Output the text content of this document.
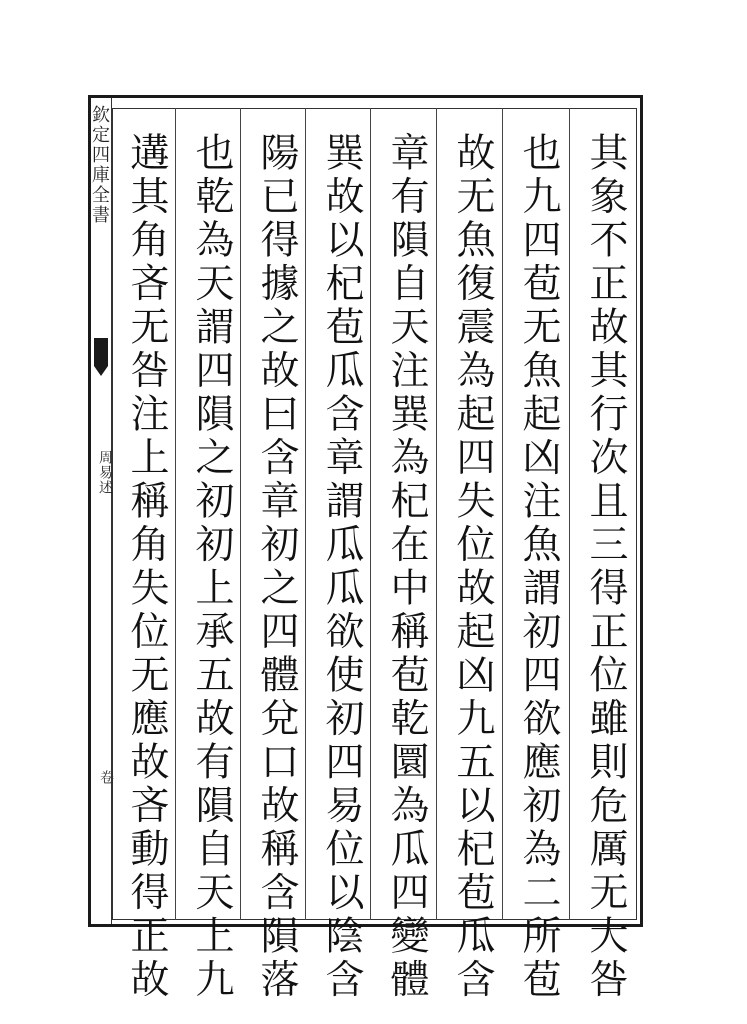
欽定四庫全書
周易述
卷	其象不正故其行次且三得正位雖則危厲无大咎
也九四苞无魚起凶注魚謂初四欲應初為二所苞
故无魚復震為起四失位故起凶九五以杞苞瓜含
章有隕自天注巽為杞在中稱苞乾圜為瓜四變體
巽故以杞苞瓜含章謂瓜瓜欲使初四易位以陰含
陽已得據之故曰含章初之四體兌口故稱含隕落
也乾為天謂四隕之初初上承五故有隕自天上九
遘其角吝无咎注上稱角失位无應故吝動得正故
